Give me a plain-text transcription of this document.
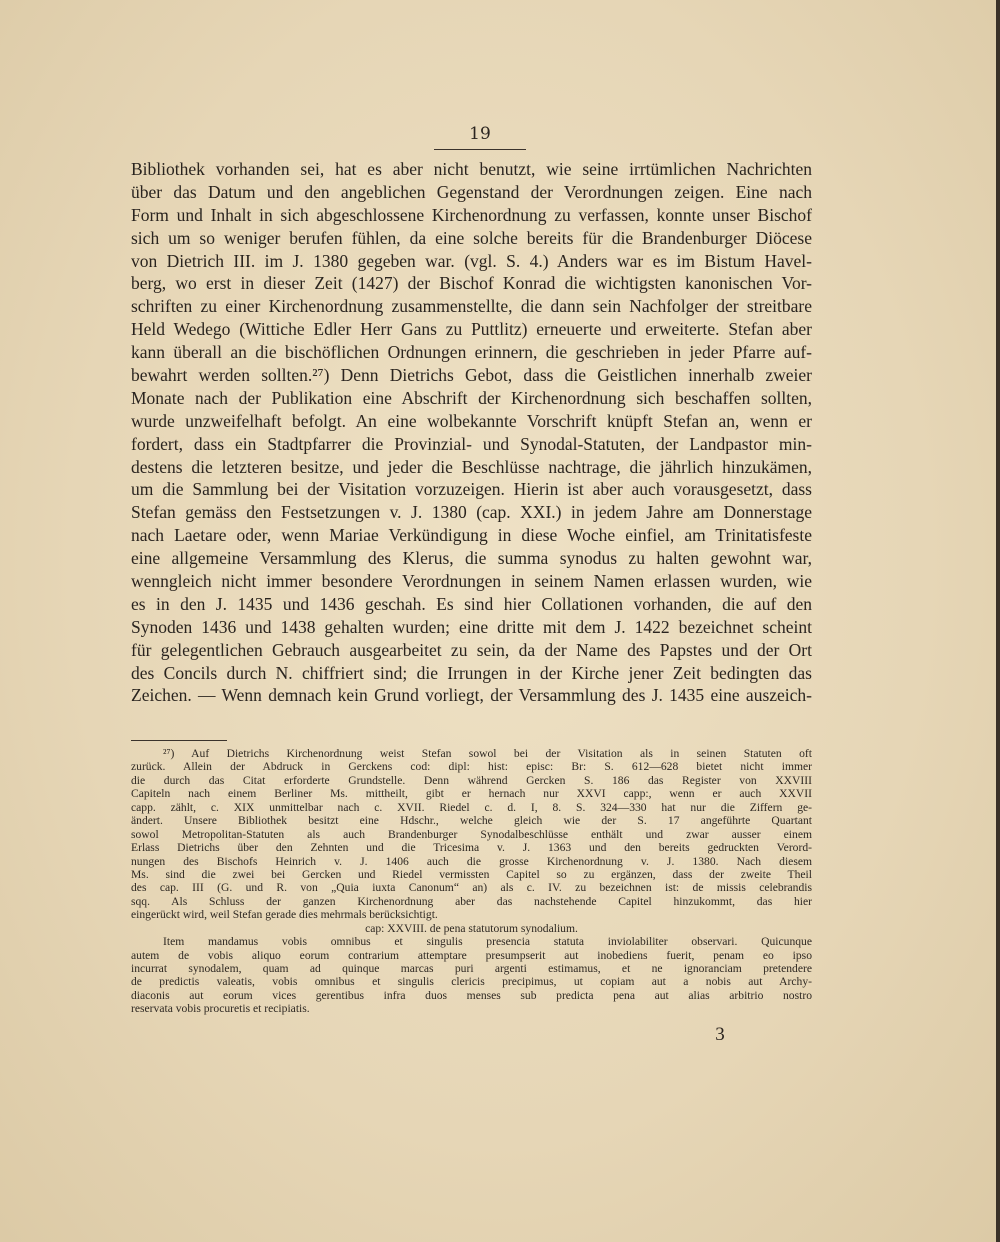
19
Bibliothek vorhanden sei, hat es aber nicht benutzt, wie seine irrtümlichen Nachrichten
über das Datum und den angeblichen Gegenstand der Verordnungen zeigen. Eine nach
Form und Inhalt in sich abgeschlossene Kirchenordnung zu verfassen, konnte unser Bischof
sich um so weniger berufen fühlen, da eine solche bereits für die Brandenburger Diöcese
von Dietrich III. im J. 1380 gegeben war. (vgl. S. 4.) Anders war es im Bistum Havel-
berg, wo erst in dieser Zeit (1427) der Bischof Konrad die wichtigsten kanonischen Vor-
schriften zu einer Kirchenordnung zusammenstellte, die dann sein Nachfolger der streitbare
Held Wedego (Wittiche Edler Herr Gans zu Puttlitz) erneuerte und erweiterte. Stefan aber
kann überall an die bischöflichen Ordnungen erinnern, die geschrieben in jeder Pfarre auf-
bewahrt werden sollten.²⁷) Denn Dietrichs Gebot, dass die Geistlichen innerhalb zweier
Monate nach der Publikation eine Abschrift der Kirchenordnung sich beschaffen sollten,
wurde unzweifelhaft befolgt. An eine wolbekannte Vorschrift knüpft Stefan an, wenn er
fordert, dass ein Stadtpfarrer die Provinzial- und Synodal-Statuten, der Landpastor min-
destens die letzteren besitze, und jeder die Beschlüsse nachtrage, die jährlich hinzukämen,
um die Sammlung bei der Visitation vorzuzeigen. Hierin ist aber auch vorausgesetzt, dass
Stefan gemäss den Festsetzungen v. J. 1380 (cap. XXI.) in jedem Jahre am Donnerstage
nach Laetare oder, wenn Mariae Verkündigung in diese Woche einfiel, am Trinitatisfeste
eine allgemeine Versammlung des Klerus, die summa synodus zu halten gewohnt war,
wenngleich nicht immer besondere Verordnungen in seinem Namen erlassen wurden, wie
es in den J. 1435 und 1436 geschah. Es sind hier Collationen vorhanden, die auf den
Synoden 1436 und 1438 gehalten wurden; eine dritte mit dem J. 1422 bezeichnet scheint
für gelegentlichen Gebrauch ausgearbeitet zu sein, da der Name des Papstes und der Ort
des Concils durch N. chiffriert sind; die Irrungen in der Kirche jener Zeit bedingten das
Zeichen. — Wenn demnach kein Grund vorliegt, der Versammlung des J. 1435 eine auszeich-
²⁷) Auf Dietrichs Kirchenordnung weist Stefan sowol bei der Visitation als in seinen Statuten oft
zurück. Allein der Abdruck in Gerckens cod: dipl: hist: episc: Br: S. 612—628 bietet nicht immer
die durch das Citat erforderte Grundstelle. Denn während Gercken S. 186 das Register von XXVIII
Capiteln nach einem Berliner Ms. mittheilt, gibt er hernach nur XXVI capp:, wenn er auch XXVII
capp. zählt, c. XIX unmittelbar nach c. XVII. Riedel c. d. I, 8. S. 324—330 hat nur die Ziffern ge-
ändert. Unsere Bibliothek besitzt eine Hdschr., welche gleich wie der S. 17 angeführte Quartant
sowol Metropolitan-Statuten als auch Brandenburger Synodalbeschlüsse enthält und zwar ausser einem
Erlass Dietrichs über den Zehnten und die Tricesima v. J. 1363 und den bereits gedruckten Verord-
nungen des Bischofs Heinrich v. J. 1406 auch die grosse Kirchenordnung v. J. 1380. Nach diesem
Ms. sind die zwei bei Gercken und Riedel vermissten Capitel so zu ergänzen, dass der zweite Theil
des cap. III (G. und R. von „Quia iuxta Canonum“ an) als c. IV. zu bezeichnen ist: de missis celebrandis
sqq. Als Schluss der ganzen Kirchenordnung aber das nachstehende Capitel hinzukommt, das hier
eingerückt wird, weil Stefan gerade dies mehrmals berücksichtigt.
cap: XXVIII. de pena statutorum synodalium.
Item mandamus vobis omnibus et singulis presencia statuta inviolabiliter observari. Quicunque
autem de vobis aliquo eorum contrarium attemptare presumpserit aut inobediens fuerit, penam eo ipso
incurrat synodalem, quam ad quinque marcas puri argenti estimamus, et ne ignoranciam pretendere
de predictis valeatis, vobis omnibus et singulis clericis precipimus, ut copiam aut a nobis aut Archy-
diaconis aut eorum vices gerentibus infra duos menses sub predicta pena aut alias arbitrio nostro
reservata vobis procuretis et recipiatis.
3
